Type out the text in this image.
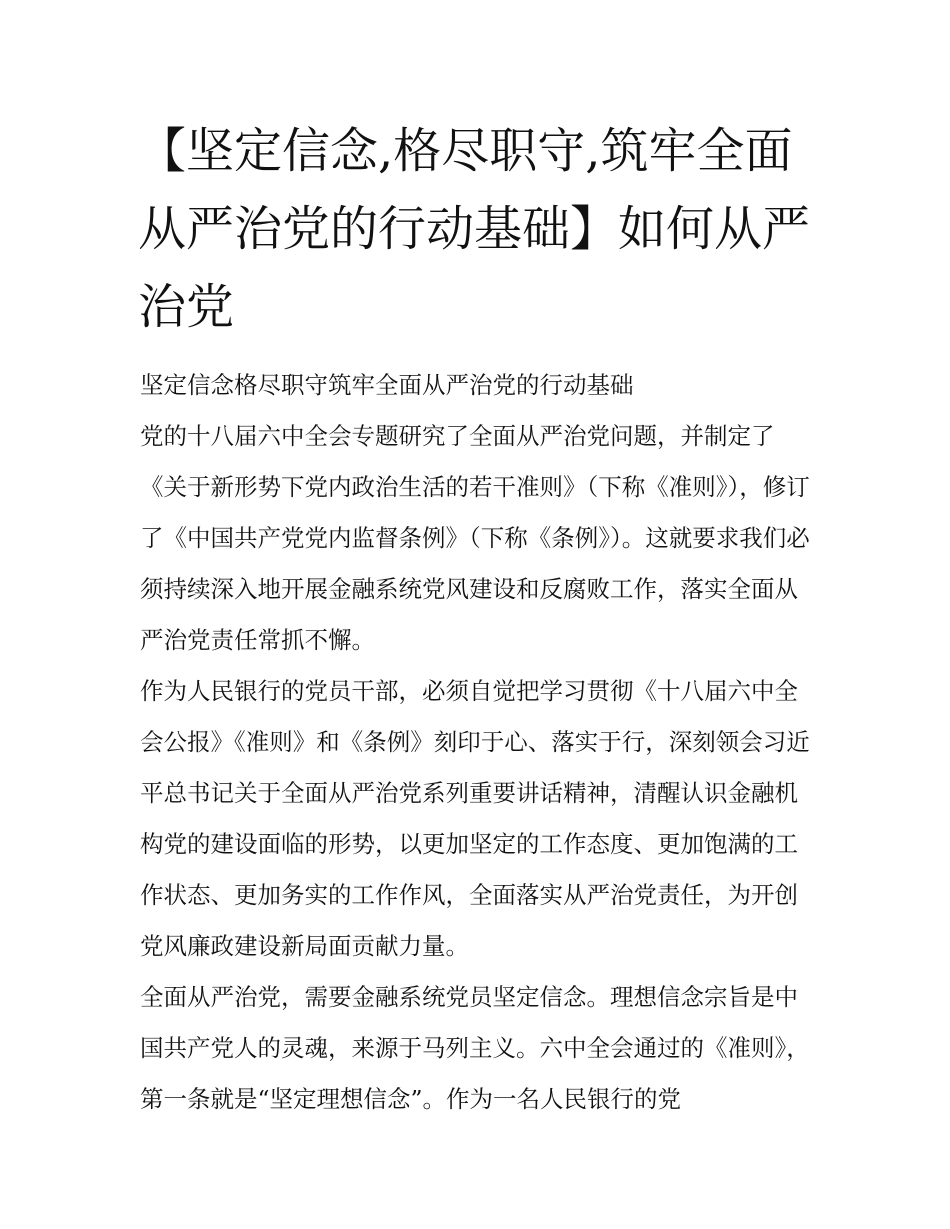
【坚定信念,格尽职守,筑牢全面从严治党的行动基础】如何从严治党

坚定信念格尽职守筑牢全面从严治党的行动基础

党的十八届六中全会专题研究了全面从严治党问题，并制定了《关于新形势下党内政治生活的若干准则》（下称《准则》），修订了《中国共产党党内监督条例》（下称《条例》）。这就要求我们必须持续深入地开展金融系统党风建设和反腐败工作，落实全面从严治党责任常抓不懈。

作为人民银行的党员干部，必须自觉把学习贯彻《十八届六中全会公报》《准则》和《条例》刻印于心、落实于行，深刻领会习近平总书记关于全面从严治党系列重要讲话精神，清醒认识金融机构党的建设面临的形势，以更加坚定的工作态度、更加饱满的工作状态、更加务实的工作作风，全面落实从严治党责任，为开创党风廉政建设新局面贡献力量。

全面从严治党，需要金融系统党员坚定信念。理想信念宗旨是中国共产党人的灵魂，来源于马列主义。六中全会通过的《准则》，第一条就是“坚定理想信念”。作为一名人民银行的党
